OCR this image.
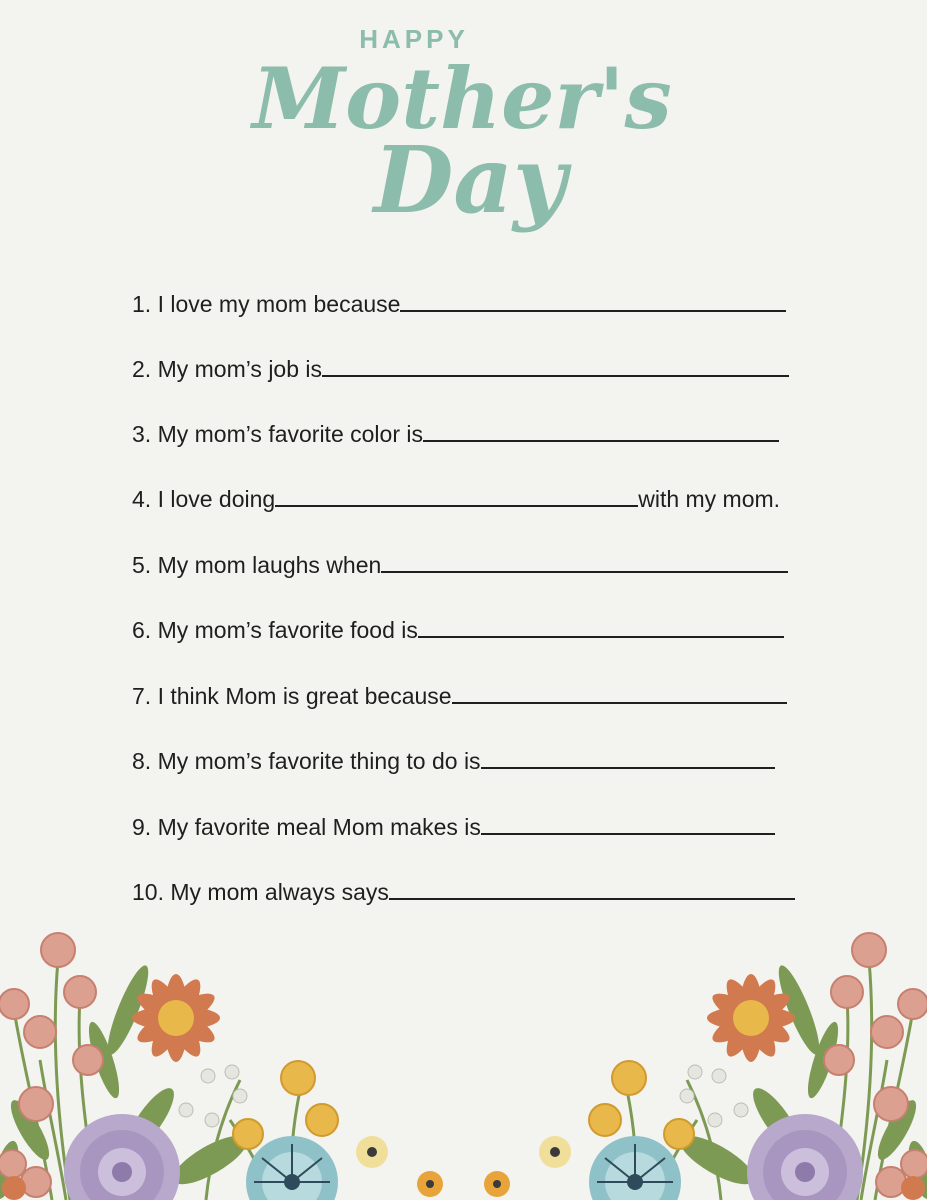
HAPPY
Mother's
Day
1. I love my mom because
2. My mom’s job is
3. My mom’s favorite color is
4. I love doing	with my mom.
5. My mom laughs when
6. My mom’s favorite food is
7. I think Mom is great because
8. My mom’s favorite thing to do is
9. My favorite meal Mom makes is
10. My mom always says
